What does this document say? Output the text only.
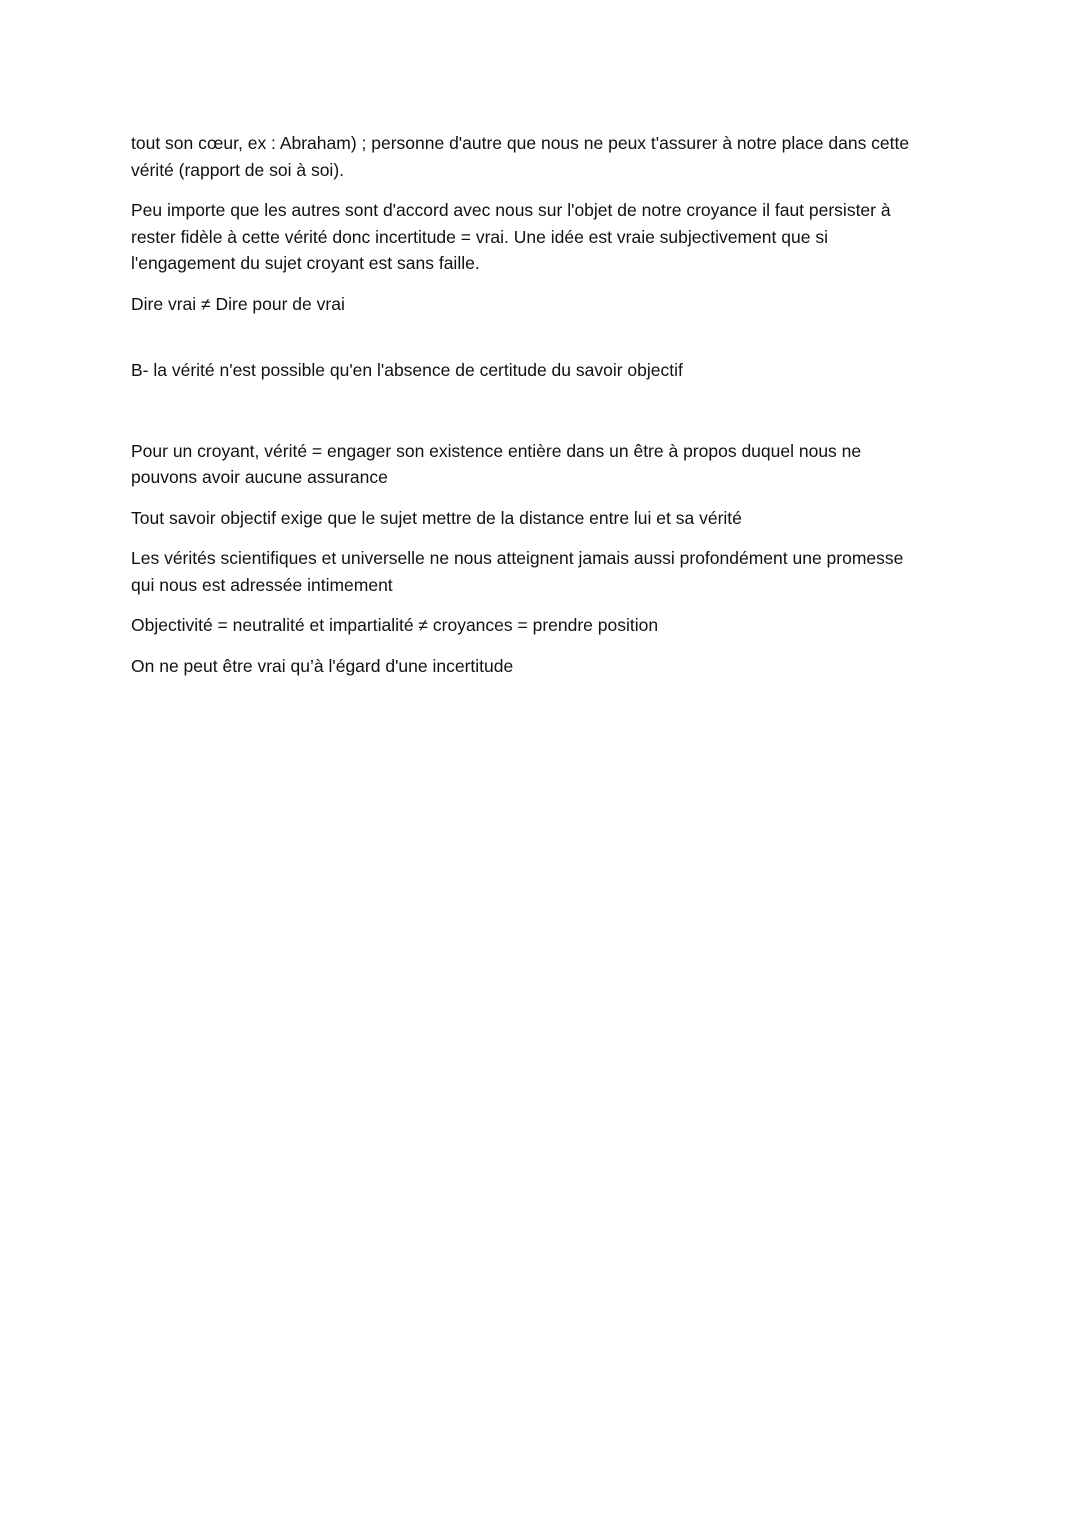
tout son cœur, ex : Abraham) ; personne d'autre que nous ne peux t'assurer à notre place dans cette
vérité (rapport de soi à soi).

Peu importe que les autres sont d'accord avec nous sur l'objet de notre croyance il faut persister à
rester fidèle à cette vérité donc incertitude = vrai. Une idée est vraie subjectivement que si
l'engagement du sujet croyant est sans faille.

Dire vrai ≠ Dire pour de vrai

B- la vérité n'est possible qu'en l'absence de certitude du savoir objectif

Pour un croyant, vérité = engager son existence entière dans un être à propos duquel nous ne
pouvons avoir aucune assurance

Tout savoir objectif exige que le sujet mettre de la distance entre lui et sa vérité

Les vérités scientifiques et universelle ne nous atteignent jamais aussi profondément une promesse
qui nous est adressée intimement

Objectivité = neutralité et impartialité ≠ croyances = prendre position

On ne peut être vrai qu’à l'égard d'une incertitude
